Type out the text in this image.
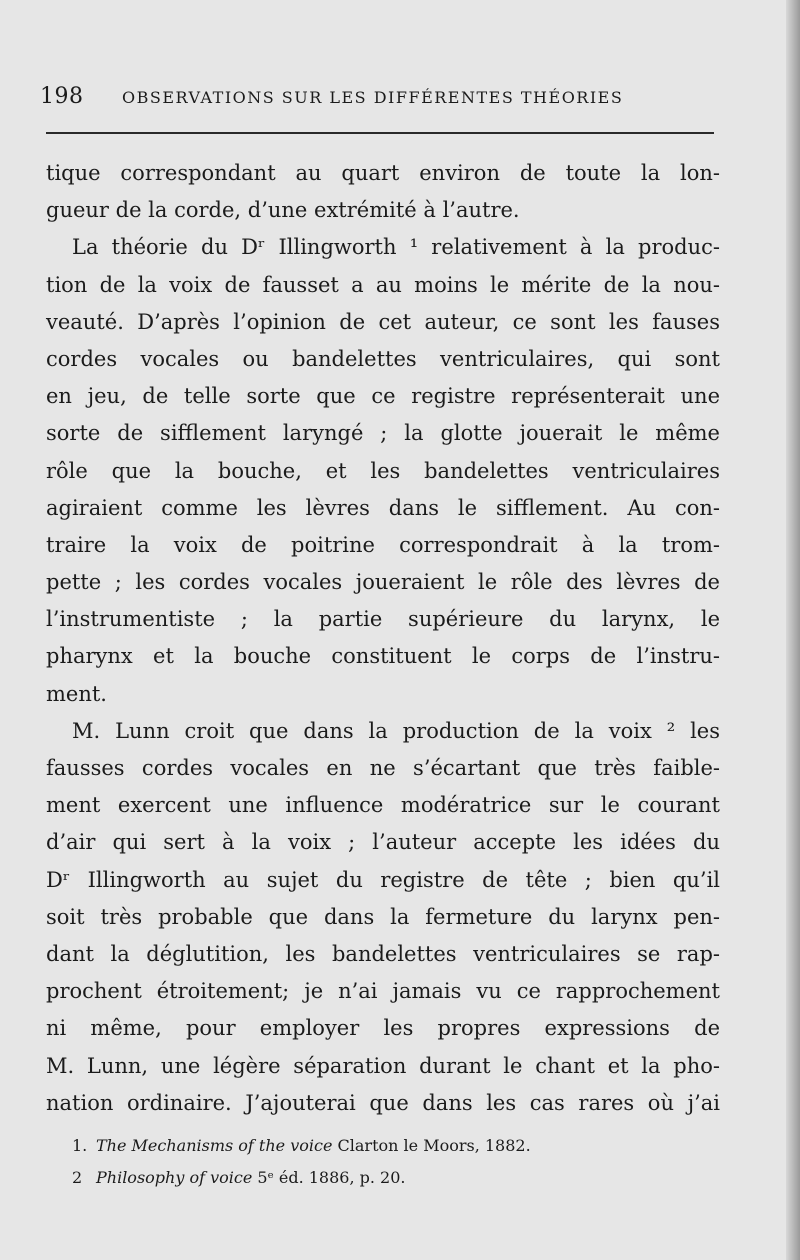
198 OBSERVATIONS SUR LES DIFFÉRENTES THÉORIES
tique correspondant au quart environ de toute la lon-
gueur de la corde, d’une extrémité à l’autre.
La théorie du Dʳ Illingworth ¹ relativement à la produc-
tion de la voix de fausset a au moins le mérite de la nou-
veauté. D’après l’opinion de cet auteur, ce sont les fauses
cordes vocales ou bandelettes ventriculaires, qui sont
en jeu, de telle sorte que ce registre représenterait une
sorte de sifflement laryngé ; la glotte jouerait le même
rôle que la bouche, et les bandelettes ventriculaires
agiraient comme les lèvres dans le sifflement. Au con-
traire la voix de poitrine correspondrait à la trom-
pette ; les cordes vocales joueraient le rôle des lèvres de
l’instrumentiste ; la partie supérieure du larynx, le
pharynx et la bouche constituent le corps de l’instru-
ment.
M. Lunn croit que dans la production de la voix ² les
fausses cordes vocales en ne s’écartant que très faible-
ment exercent une influence modératrice sur le courant
d’air qui sert à la voix ; l’auteur accepte les idées du
Dʳ Illingworth au sujet du registre de tête ; bien qu’il
soit très probable que dans la fermeture du larynx pen-
dant la déglutition, les bandelettes ventriculaires se rap-
prochent étroitement; je n’ai jamais vu ce rapprochement
ni même, pour employer les propres expressions de
M. Lunn, une légère séparation durant le chant et la pho-
nation ordinaire. J’ajouterai que dans les cas rares où j’ai
1. The Mechanisms of the voice Clarton le Moors, 1882.
2 Philosophy of voice 5ᵉ éd. 1886, p. 20.
